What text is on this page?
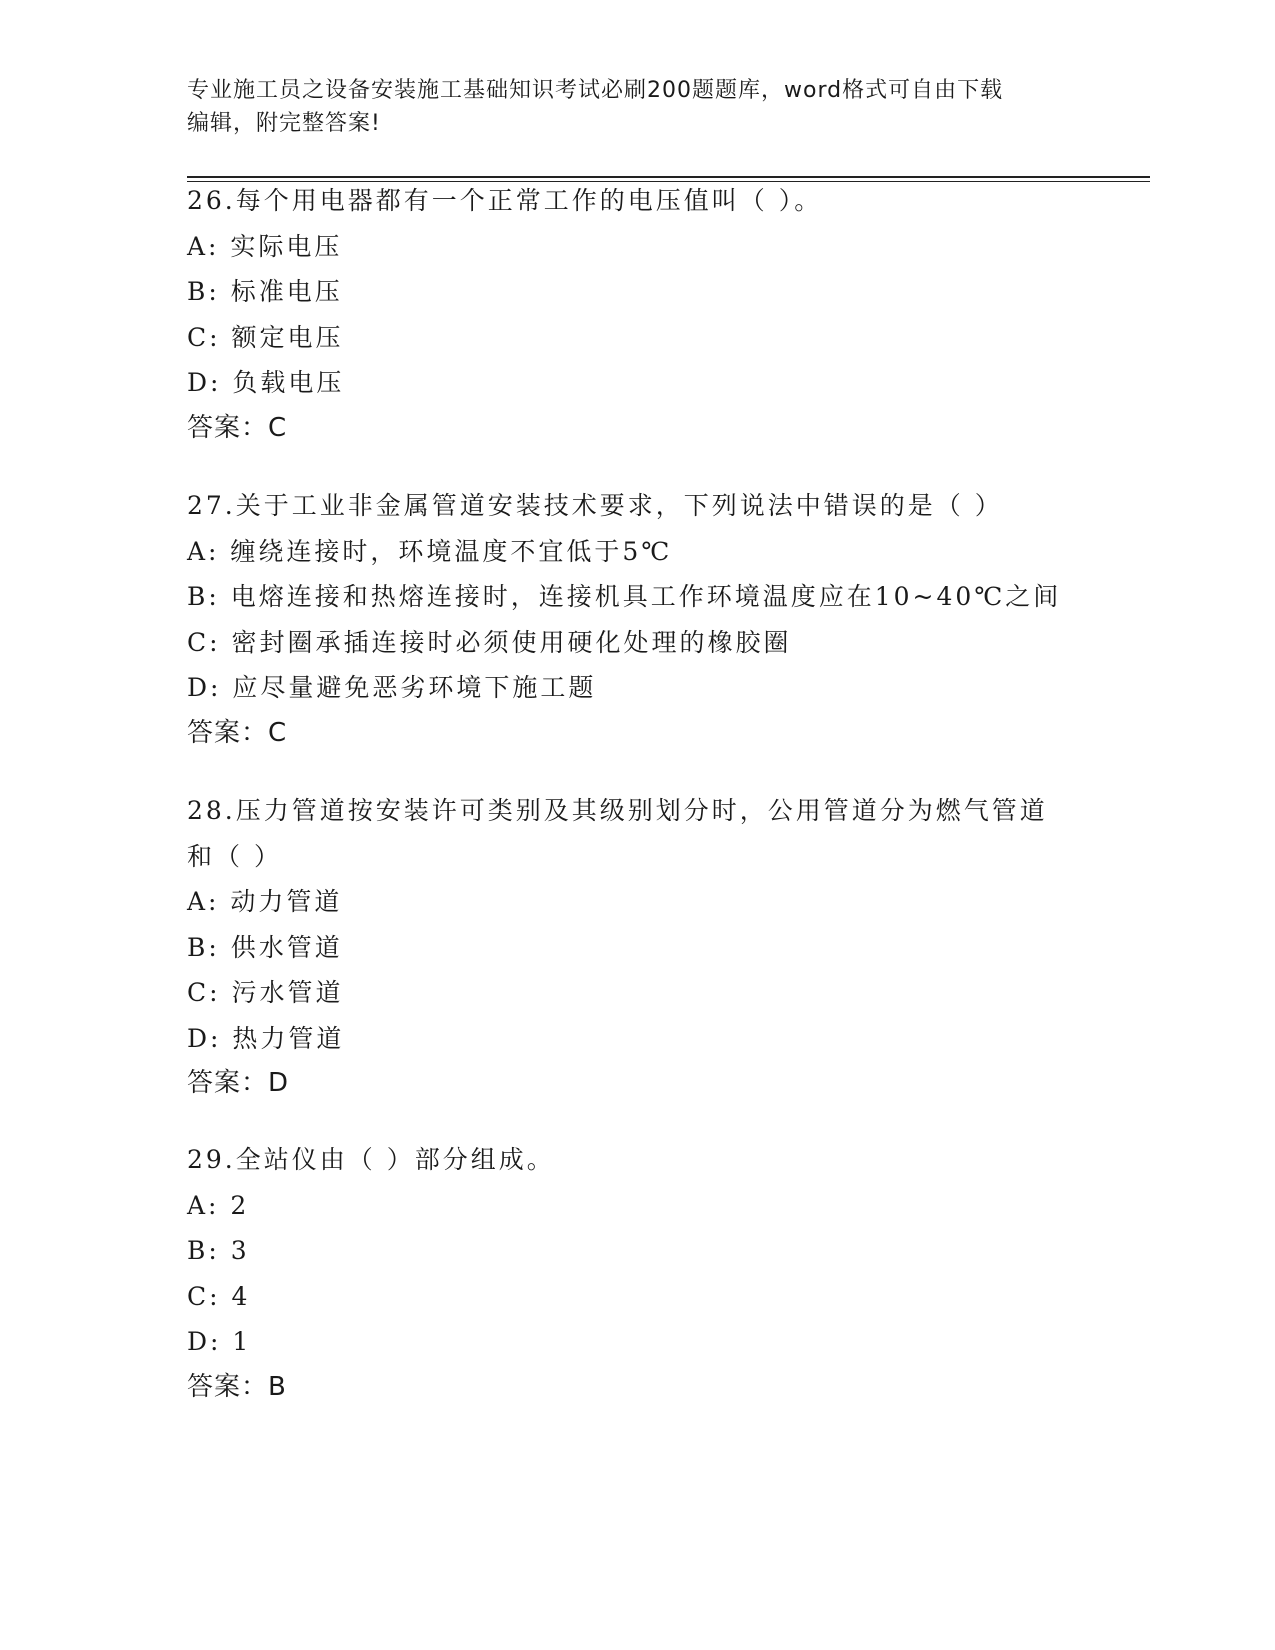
专业施工员之设备安装施工基础知识考试必刷200题题库，word格式可自由下载
编辑，附完整答案!
26.每个用电器都有一个正常工作的电压值叫（ ）。
A: 实际电压
B: 标准电压
C: 额定电压
D: 负载电压
答案：C
27.关于工业非金属管道安装技术要求，下列说法中错误的是（ ）
A: 缠绕连接时，环境温度不宜低于5℃
B: 电熔连接和热熔连接时，连接机具工作环境温度应在10~40℃之间
C: 密封圈承插连接时必须使用硬化处理的橡胶圈
D: 应尽量避免恶劣环境下施工题
答案：C
28.压力管道按安装许可类别及其级别划分时，公用管道分为燃气管道
和（ ）
A: 动力管道
B: 供水管道
C: 污水管道
D: 热力管道
答案：D
29.全站仪由（ ）部分组成。
A: 2
B: 3
C: 4
D: 1
答案：B
